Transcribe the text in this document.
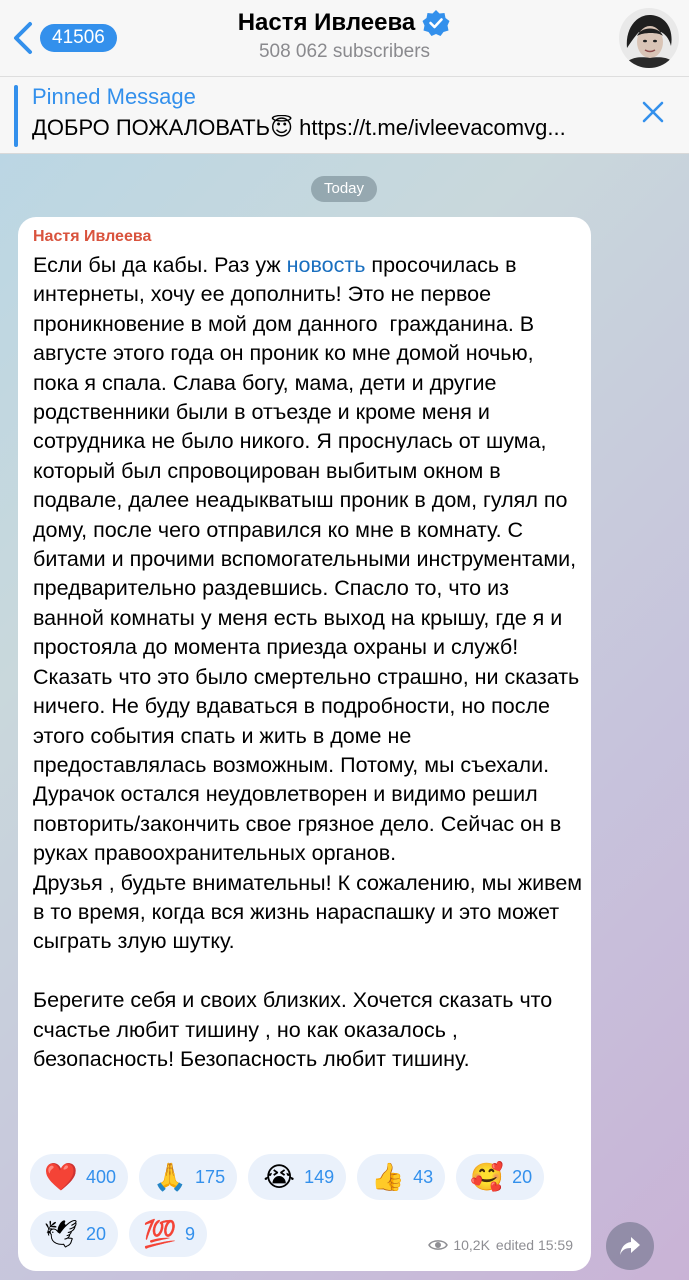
41506
Настя Ивлеева
508 062 subscribers
Pinned Message
ДОБРО ПОЖАЛОВАТЬ😇 https://t.me/ivleevacomvg...
Today
Настя Ивлеева
Если бы да кабы. Раз уж новость просочилась в интернеты, хочу ее дополнить! Это не первое проникновение в мой дом данного  гражданина. В августе этого года он проник ко мне домой ночью, пока я спала. Слава богу, мама, дети и другие родственники были в отъезде и кроме меня и сотрудника не было никого. Я проснулась от шума, который был спровоцирован выбитым окном в подвале, далее неадыкватыш проник в дом, гулял по дому, после чего отправился ко мне в комнату. С битами и прочими вспомогательными инструментами, предварительно раздевшись. Спасло то, что из ванной комнаты у меня есть выход на крышу, где я и простояла до момента приезда охраны и служб! Сказать что это было смертельно страшно, ни сказать ничего. Не буду вдаваться в подробности, но после этого события спать и жить в доме не предоставлялась возможным. Потому, мы съехали. Дурачок остался неудовлетворен и видимо решил повторить/закончить свое грязное дело. Сейчас он в руках правоохранительных органов.
Друзья , будьте внимательны! К сожалению, мы живем в то время, когда вся жизнь нараспашку и это может сыграть злую шутку.

Берегите себя и своих близких. Хочется сказать что счастье любит тишину , но как оказалось , безопасность! Безопасность любит тишину.
❤️ 400 🙏 175 😭 149 👍 43 🥰 20
🕊 20 💯 9
10,2K edited 15:59
